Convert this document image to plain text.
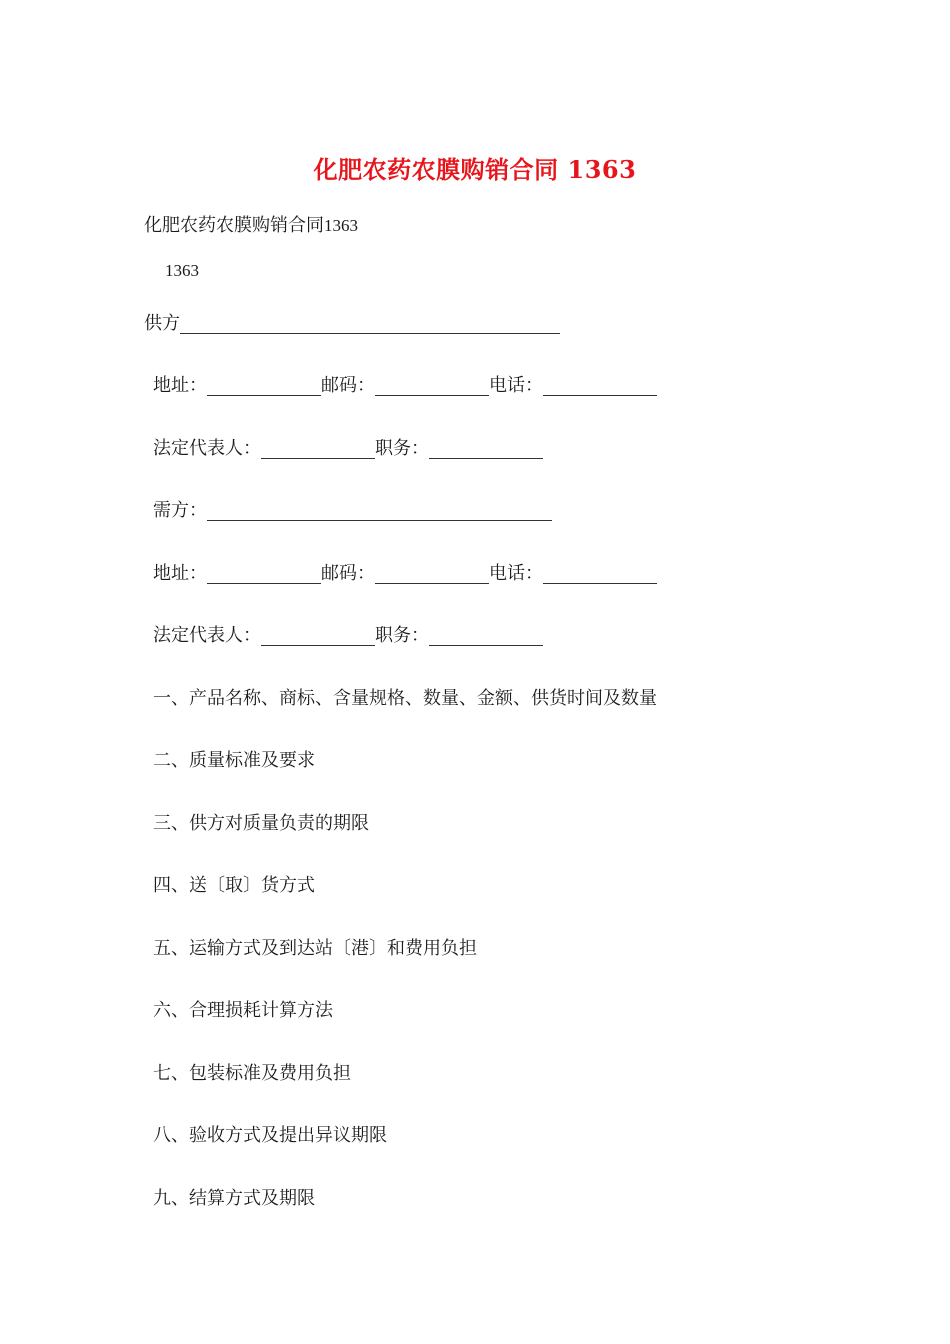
化肥农药农膜购销合同 1363
化肥农药农膜购销合同1363
1363
供方
地址：	邮码：	电话：
法定代表人：	职务：
需方：
地址：	邮码：	电话：
法定代表人：	职务：
一、产品名称、商标、含量规格、数量、金额、供货时间及数量
二、质量标准及要求
三、供方对质量负责的期限
四、送〔取〕货方式
五、运输方式及到达站〔港〕和费用负担
六、合理损耗计算方法
七、包装标准及费用负担
八、验收方式及提出异议期限
九、结算方式及期限
